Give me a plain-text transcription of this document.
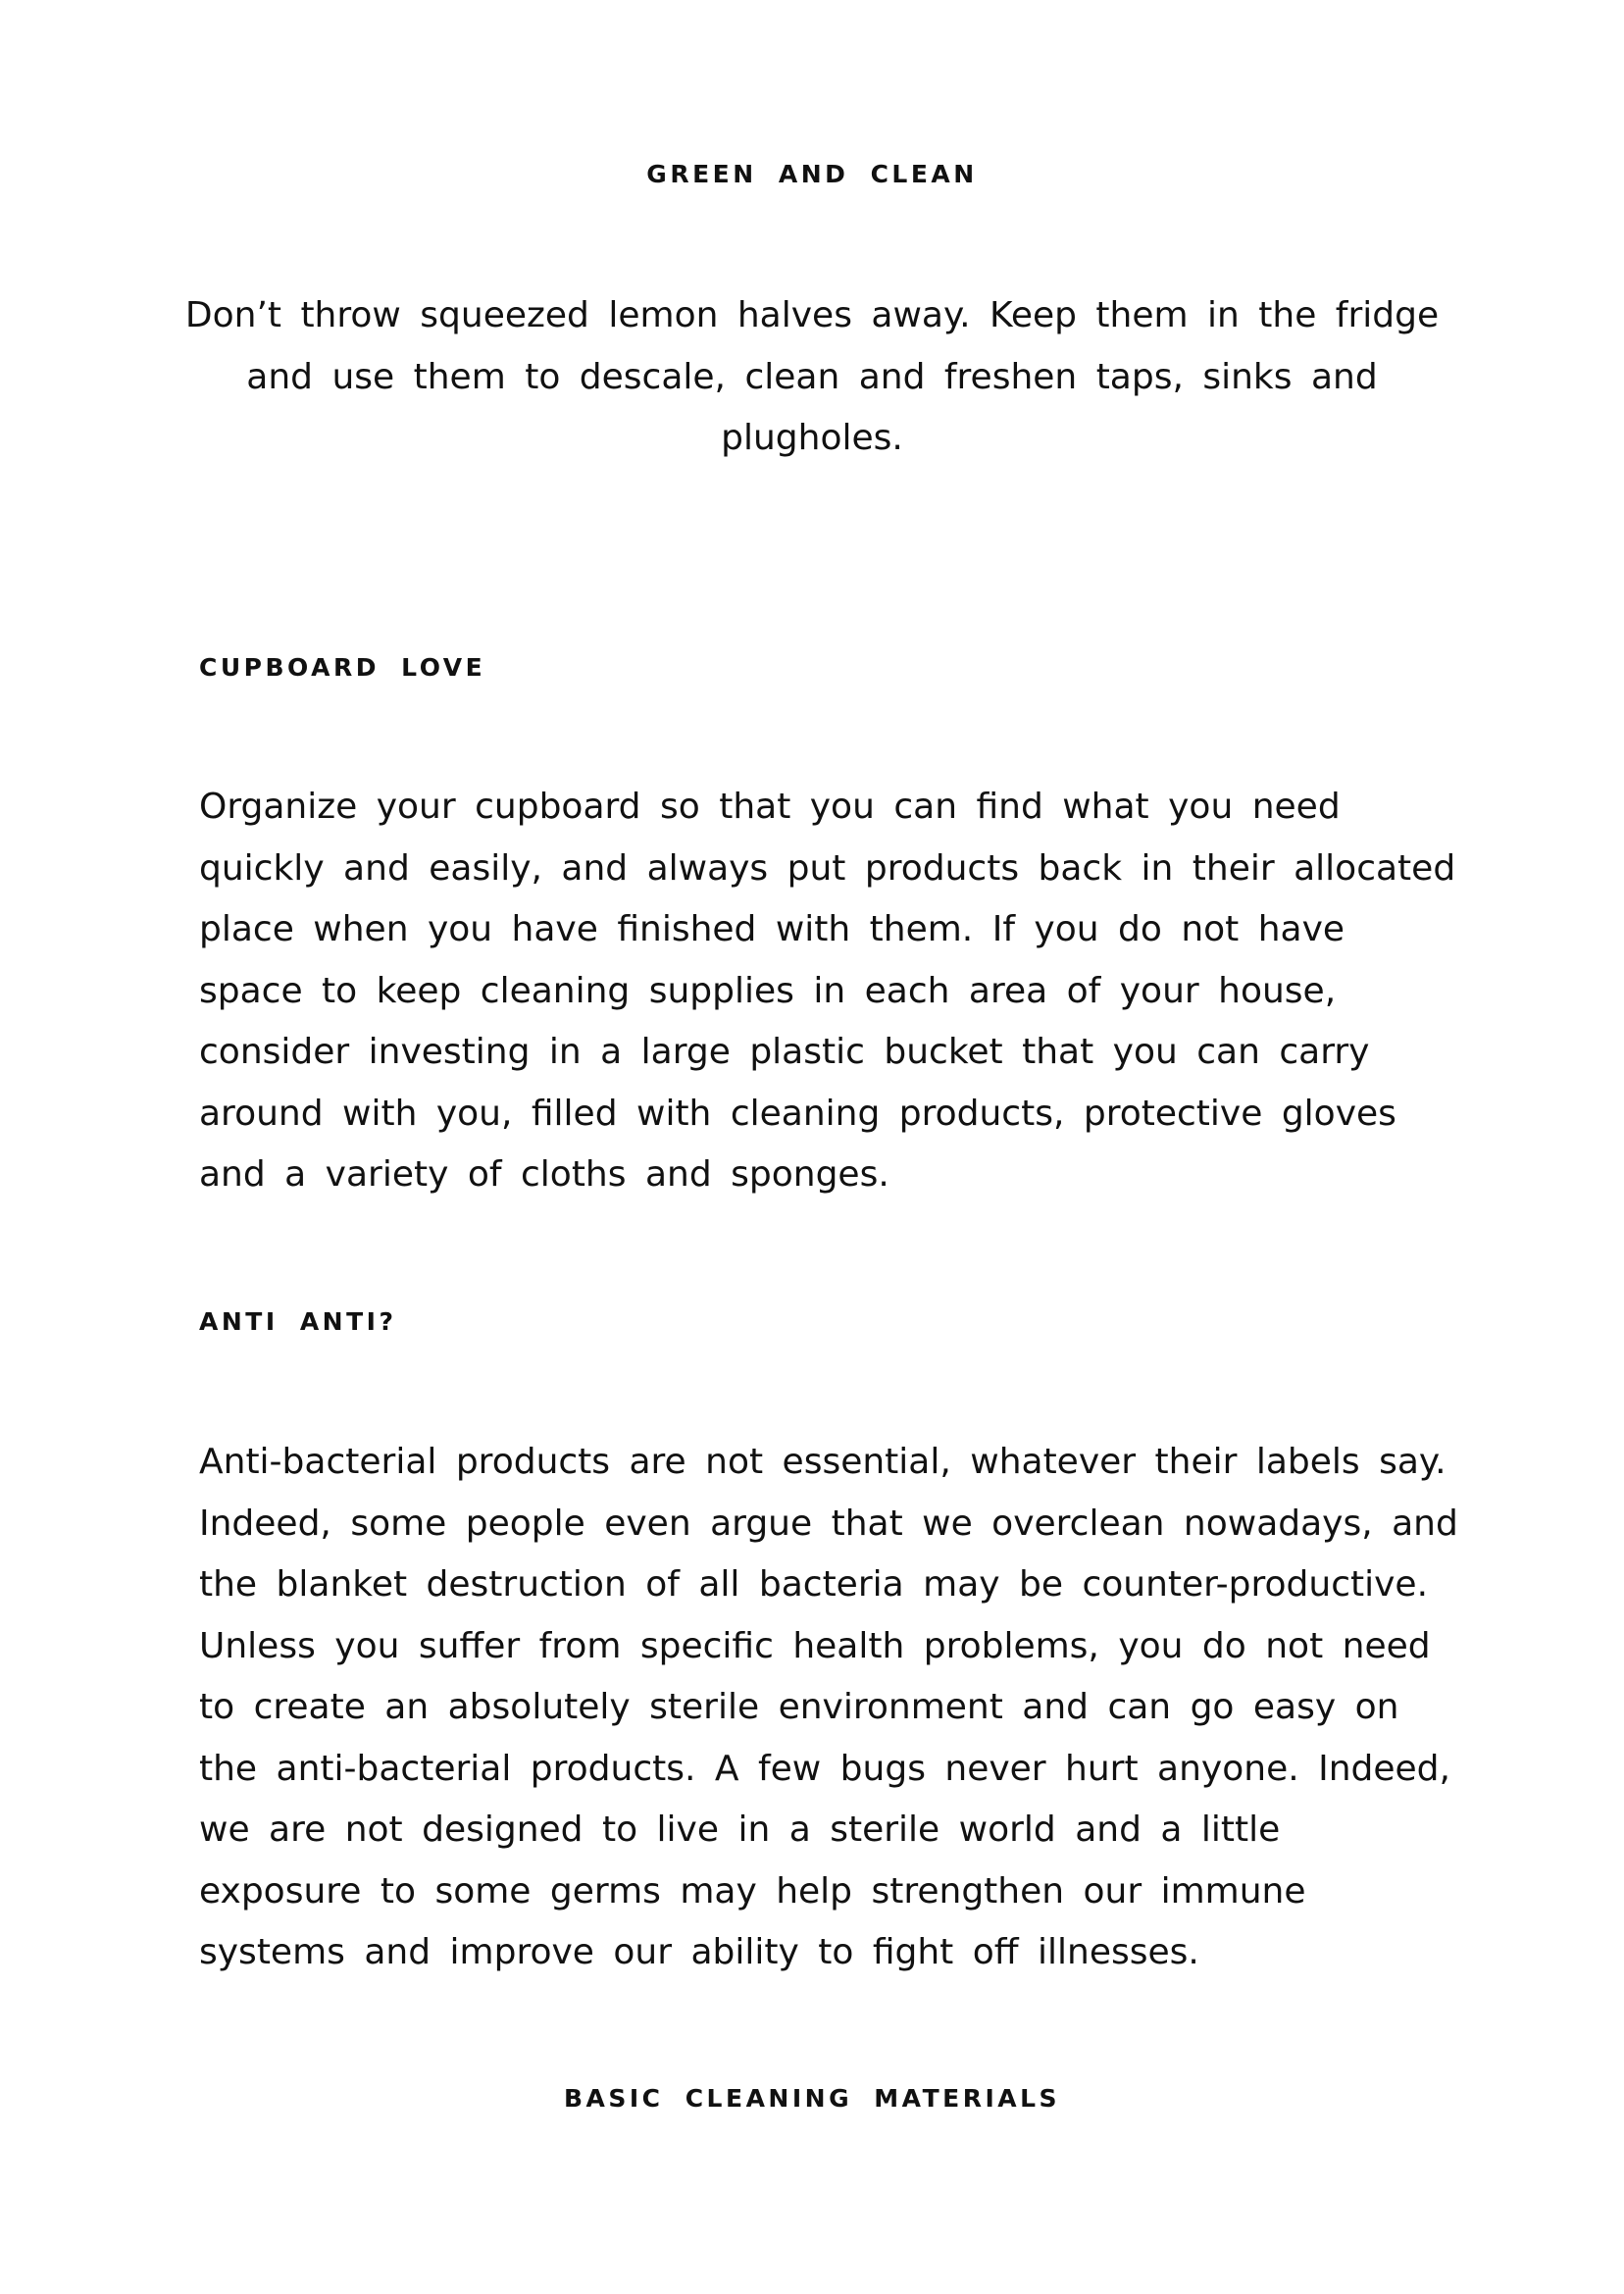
GREEN AND CLEAN

Don’t throw squeezed lemon halves away. Keep them in the fridge
and use them to descale, clean and freshen taps, sinks and
plugholes.

CUPBOARD LOVE

Organize your cupboard so that you can find what you need
quickly and easily, and always put products back in their allocated
place when you have finished with them. If you do not have
space to keep cleaning supplies in each area of your house,
consider investing in a large plastic bucket that you can carry
around with you, filled with cleaning products, protective gloves
and a variety of cloths and sponges.

ANTI ANTI?

Anti-bacterial products are not essential, whatever their labels say.
Indeed, some people even argue that we overclean nowadays, and
the blanket destruction of all bacteria may be counter-productive.
Unless you suffer from specific health problems, you do not need
to create an absolutely sterile environment and can go easy on
the anti-bacterial products. A few bugs never hurt anyone. Indeed,
we are not designed to live in a sterile world and a little
exposure to some germs may help strengthen our immune
systems and improve our ability to fight off illnesses.

BASIC CLEANING MATERIALS
